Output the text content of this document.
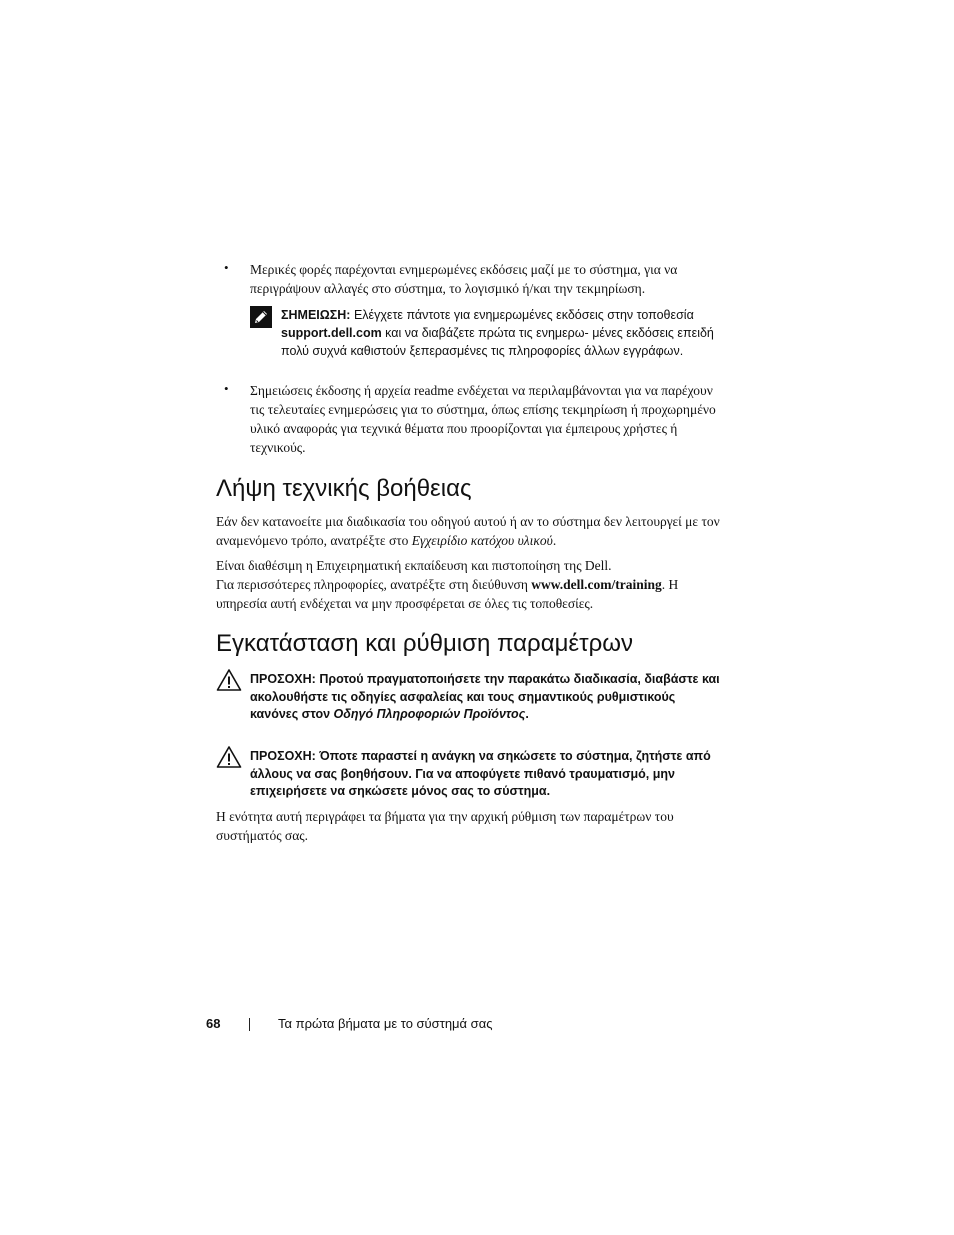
• Μερικές φορές παρέχονται ενημερωμένες εκδόσεις μαζί με το σύστημα, για να περιγράψουν αλλαγές στο σύστημα, το λογισμικό ή/και την τεκμηρίωση.
ΣΗΜΕΙΩΣΗ: Ελέγχετε πάντοτε για ενημερωμένες εκδόσεις στην τοποθεσία support.dell.com και να διαβάζετε πρώτα τις ενημερω- μένες εκδόσεις επειδή πολύ συχνά καθιστούν ξεπερασμένες τις πληροφορίες άλλων εγγράφων.
• Σημειώσεις έκδοσης ή αρχεία readme ενδέχεται να περιλαμβάνονται για να παρέχουν τις τελευταίες ενημερώσεις για το σύστημα, όπως επίσης τεκμηρίωση ή προχωρημένο υλικό αναφοράς για τεχνικά θέματα που προορίζονται για έμπειρους χρήστες ή τεχνικούς.
Λήψη τεχνικής βοήθειας

Εάν δεν κατανοείτε μια διαδικασία του οδηγού αυτού ή αν το σύστημα δεν λειτουργεί με τον αναμενόμενο τρόπο, ανατρέξτε στο Εγχειρίδιο κατόχου υλικού.

Είναι διαθέσιμη η Επιχειρηματική εκπαίδευση και πιστοποίηση της Dell.
Για περισσότερες πληροφορίες, ανατρέξτε στη διεύθυνση www.dell.com/training. Η υπηρεσία αυτή ενδέχεται να μην προσφέρεται σε όλες τις τοποθεσίες.

Εγκατάσταση και ρύθμιση παραμέτρων

ΠΡΟΣΟΧΗ: Προτού πραγματοποιήσετε την παρακάτω διαδικασία, διαβάστε και ακολουθήστε τις οδηγίες ασφαλείας και τους σημαντικούς ρυθμιστικούς κανόνες στον Οδηγό Πληροφοριών Προϊόντος.

ΠΡΟΣΟΧΗ: Όποτε παραστεί η ανάγκη να σηκώσετε το σύστημα, ζητήστε από άλλους να σας βοηθήσουν. Για να αποφύγετε πιθανό τραυματισμό, μην επιχειρήσετε να σηκώσετε μόνος σας το σύστημα.

Η ενότητα αυτή περιγράφει τα βήματα για την αρχική ρύθμιση των παραμέτρων του συστήματός σας.

68	Τα πρώτα βήματα με το σύστημά σας
